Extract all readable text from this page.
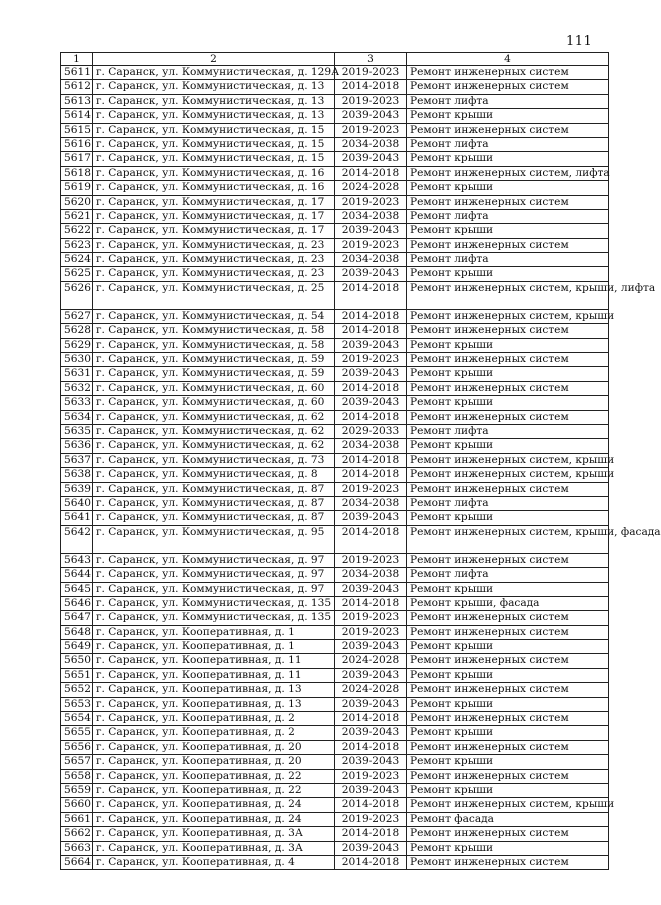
111
1	2	3	4
5611	г. Саранск, ул. Коммунистическая, д. 129А	2019-2023	Ремонт инженерных систем
5612	г. Саранск, ул. Коммунистическая, д. 13	2014-2018	Ремонт инженерных систем
5613	г. Саранск, ул. Коммунистическая, д. 13	2019-2023	Ремонт лифта
5614	г. Саранск, ул. Коммунистическая, д. 13	2039-2043	Ремонт крыши
5615	г. Саранск, ул. Коммунистическая, д. 15	2019-2023	Ремонт инженерных систем
5616	г. Саранск, ул. Коммунистическая, д. 15	2034-2038	Ремонт лифта
5617	г. Саранск, ул. Коммунистическая, д. 15	2039-2043	Ремонт крыши
5618	г. Саранск, ул. Коммунистическая, д. 16	2014-2018	Ремонт инженерных систем, лифта
5619	г. Саранск, ул. Коммунистическая, д. 16	2024-2028	Ремонт крыши
5620	г. Саранск, ул. Коммунистическая, д. 17	2019-2023	Ремонт инженерных систем
5621	г. Саранск, ул. Коммунистическая, д. 17	2034-2038	Ремонт лифта
5622	г. Саранск, ул. Коммунистическая, д. 17	2039-2043	Ремонт крыши
5623	г. Саранск, ул. Коммунистическая, д. 23	2019-2023	Ремонт инженерных систем
5624	г. Саранск, ул. Коммунистическая, д. 23	2034-2038	Ремонт лифта
5625	г. Саранск, ул. Коммунистическая, д. 23	2039-2043	Ремонт крыши
5626	г. Саранск, ул. Коммунистическая, д. 25	2014-2018	Ремонт инженерных систем, крыши, лифта
5627	г. Саранск, ул. Коммунистическая, д. 54	2014-2018	Ремонт инженерных систем, крыши
5628	г. Саранск, ул. Коммунистическая, д. 58	2014-2018	Ремонт инженерных систем
5629	г. Саранск, ул. Коммунистическая, д. 58	2039-2043	Ремонт крыши
5630	г. Саранск, ул. Коммунистическая, д. 59	2019-2023	Ремонт инженерных систем
5631	г. Саранск, ул. Коммунистическая, д. 59	2039-2043	Ремонт крыши
5632	г. Саранск, ул. Коммунистическая, д. 60	2014-2018	Ремонт инженерных систем
5633	г. Саранск, ул. Коммунистическая, д. 60	2039-2043	Ремонт крыши
5634	г. Саранск, ул. Коммунистическая, д. 62	2014-2018	Ремонт инженерных систем
5635	г. Саранск, ул. Коммунистическая, д. 62	2029-2033	Ремонт лифта
5636	г. Саранск, ул. Коммунистическая, д. 62	2034-2038	Ремонт крыши
5637	г. Саранск, ул. Коммунистическая, д. 73	2014-2018	Ремонт инженерных систем, крыши
5638	г. Саранск, ул. Коммунистическая, д. 8	2014-2018	Ремонт инженерных систем, крыши
5639	г. Саранск, ул. Коммунистическая, д. 87	2019-2023	Ремонт инженерных систем
5640	г. Саранск, ул. Коммунистическая, д. 87	2034-2038	Ремонт лифта
5641	г. Саранск, ул. Коммунистическая, д. 87	2039-2043	Ремонт крыши
5642	г. Саранск, ул. Коммунистическая, д. 95	2014-2018	Ремонт инженерных систем, крыши, фасада
5643	г. Саранск, ул. Коммунистическая, д. 97	2019-2023	Ремонт инженерных систем
5644	г. Саранск, ул. Коммунистическая, д. 97	2034-2038	Ремонт лифта
5645	г. Саранск, ул. Коммунистическая, д. 97	2039-2043	Ремонт крыши
5646	г. Саранск, ул. Коммунистическая, д. 135	2014-2018	Ремонт крыши, фасада
5647	г. Саранск, ул. Коммунистическая, д. 135	2019-2023	Ремонт инженерных систем
5648	г. Саранск, ул. Кооперативная, д. 1	2019-2023	Ремонт инженерных систем
5649	г. Саранск, ул. Кооперативная, д. 1	2039-2043	Ремонт крыши
5650	г. Саранск, ул. Кооперативная, д. 11	2024-2028	Ремонт инженерных систем
5651	г. Саранск, ул. Кооперативная, д. 11	2039-2043	Ремонт крыши
5652	г. Саранск, ул. Кооперативная, д. 13	2024-2028	Ремонт инженерных систем
5653	г. Саранск, ул. Кооперативная, д. 13	2039-2043	Ремонт крыши
5654	г. Саранск, ул. Кооперативная, д. 2	2014-2018	Ремонт инженерных систем
5655	г. Саранск, ул. Кооперативная, д. 2	2039-2043	Ремонт крыши
5656	г. Саранск, ул. Кооперативная, д. 20	2014-2018	Ремонт инженерных систем
5657	г. Саранск, ул. Кооперативная, д. 20	2039-2043	Ремонт крыши
5658	г. Саранск, ул. Кооперативная, д. 22	2019-2023	Ремонт инженерных систем
5659	г. Саранск, ул. Кооперативная, д. 22	2039-2043	Ремонт крыши
5660	г. Саранск, ул. Кооперативная, д. 24	2014-2018	Ремонт инженерных систем, крыши
5661	г. Саранск, ул. Кооперативная, д. 24	2019-2023	Ремонт фасада
5662	г. Саранск, ул. Кооперативная, д. 3А	2014-2018	Ремонт инженерных систем
5663	г. Саранск, ул. Кооперативная, д. 3А	2039-2043	Ремонт крыши
5664	г. Саранск, ул. Кооперативная, д. 4	2014-2018	Ремонт инженерных систем
